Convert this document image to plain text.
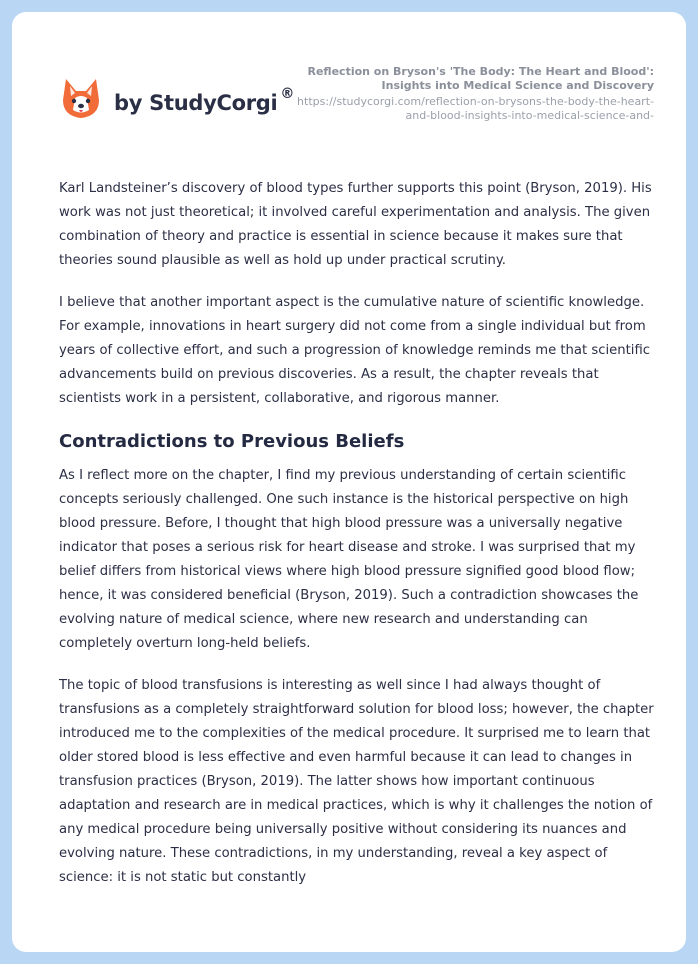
by StudyCorgi ®
Reflection on Bryson's 'The Body: The Heart and Blood': Insights into Medical Science and Discovery
https://studycorgi.com/reflection-on-brysons-the-body-the-heart-and-blood-insights-into-medical-science-and-

Karl Landsteiner’s discovery of blood types further supports this point (Bryson, 2019). His work was not just theoretical; it involved careful experimentation and analysis. The given combination of theory and practice is essential in science because it makes sure that theories sound plausible as well as hold up under practical scrutiny.

I believe that another important aspect is the cumulative nature of scientific knowledge. For example, innovations in heart surgery did not come from a single individual but from years of collective effort, and such a progression of knowledge reminds me that scientific advancements build on previous discoveries. As a result, the chapter reveals that scientists work in a persistent, collaborative, and rigorous manner.

Contradictions to Previous Beliefs

As I reflect more on the chapter, I find my previous understanding of certain scientific concepts seriously challenged. One such instance is the historical perspective on high blood pressure. Before, I thought that high blood pressure was a universally negative indicator that poses a serious risk for heart disease and stroke. I was surprised that my belief differs from historical views where high blood pressure signified good blood flow; hence, it was considered beneficial (Bryson, 2019). Such a contradiction showcases the evolving nature of medical science, where new research and understanding can completely overturn long-held beliefs.

The topic of blood transfusions is interesting as well since I had always thought of transfusions as a completely straightforward solution for blood loss; however, the chapter introduced me to the complexities of the medical procedure. It surprised me to learn that older stored blood is less effective and even harmful because it can lead to changes in transfusion practices (Bryson, 2019). The latter shows how important continuous adaptation and research are in medical practices, which is why it challenges the notion of any medical procedure being universally positive without considering its nuances and evolving nature. These contradictions, in my understanding, reveal a key aspect of science: it is not static but constantly
